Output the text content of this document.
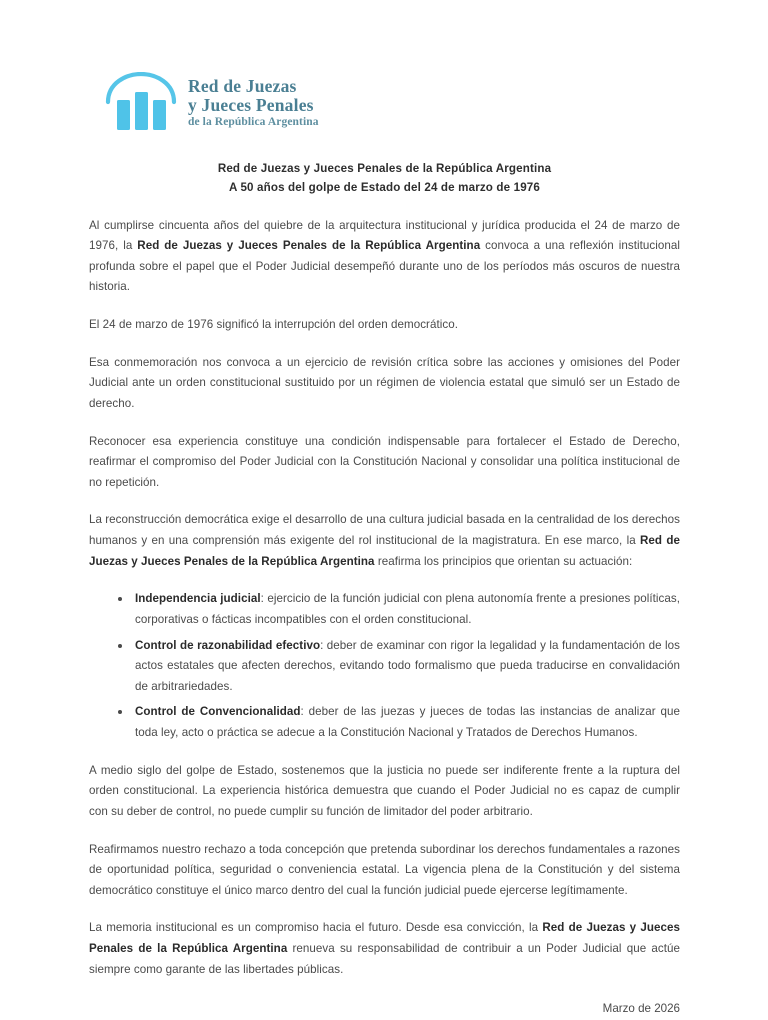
Red de Juezas
y Jueces Penales
de la República Argentina
Red de Juezas y Jueces Penales de la República Argentina
A 50 años del golpe de Estado del 24 de marzo de 1976

Al cumplirse cincuenta años del quiebre de la arquitectura institucional y jurídica producida el 24 de marzo de 1976, la Red de Juezas y Jueces Penales de la República Argentina convoca a una reflexión institucional profunda sobre el papel que el Poder Judicial desempeñó durante uno de los períodos más oscuros de nuestra historia.

El 24 de marzo de 1976 significó la interrupción del orden democrático.

Esa conmemoración nos convoca a un ejercicio de revisión crítica sobre las acciones y omisiones del Poder Judicial ante un orden constitucional sustituido por un régimen de violencia estatal que simuló ser un Estado de derecho.

Reconocer esa experiencia constituye una condición indispensable para fortalecer el Estado de Derecho, reafirmar el compromiso del Poder Judicial con la Constitución Nacional y consolidar una política institucional de no repetición.

La reconstrucción democrática exige el desarrollo de una cultura judicial basada en la centralidad de los derechos humanos y en una comprensión más exigente del rol institucional de la magistratura. En ese marco, la Red de Juezas y Jueces Penales de la República Argentina reafirma los principios que orientan su actuación:

Independencia judicial: ejercicio de la función judicial con plena autonomía frente a presiones políticas, corporativas o fácticas incompatibles con el orden constitucional.
Control de razonabilidad efectivo: deber de examinar con rigor la legalidad y la fundamentación de los actos estatales que afecten derechos, evitando todo formalismo que pueda traducirse en convalidación de arbitrariedades.
Control de Convencionalidad: deber de las juezas y jueces de todas las instancias de analizar que toda ley, acto o práctica se adecue a la Constitución Nacional y Tratados de Derechos Humanos.

A medio siglo del golpe de Estado, sostenemos que la justicia no puede ser indiferente frente a la ruptura del orden constitucional. La experiencia histórica demuestra que cuando el Poder Judicial no es capaz de cumplir con su deber de control, no puede cumplir su función de limitador del poder arbitrario.

Reafirmamos nuestro rechazo a toda concepción que pretenda subordinar los derechos fundamentales a razones de oportunidad política, seguridad o conveniencia estatal. La vigencia plena de la Constitución y del sistema democrático constituye el único marco dentro del cual la función judicial puede ejercerse legítimamente.

La memoria institucional es un compromiso hacia el futuro. Desde esa convicción, la Red de Juezas y Jueces Penales de la República Argentina renueva su responsabilidad de contribuir a un Poder Judicial que actúe siempre como garante de las libertades públicas.

Marzo de 2026
